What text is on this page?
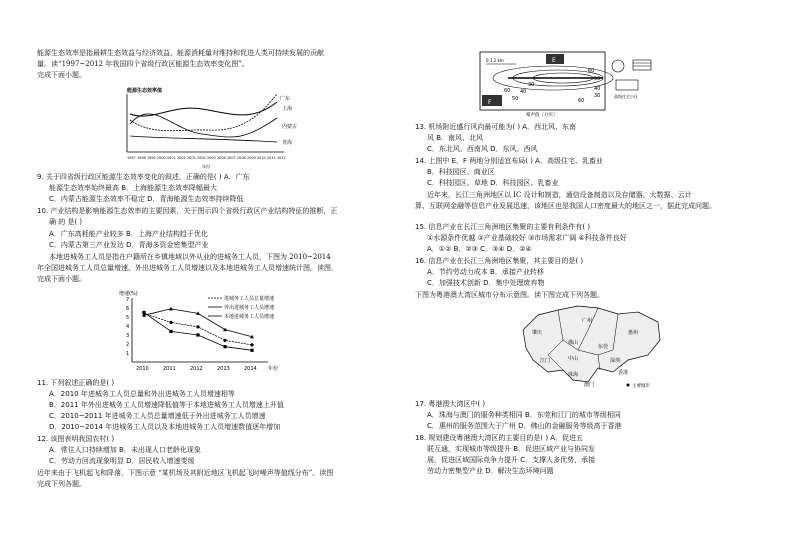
能源生态效率是指最耕生态效益与经济效益，能源消耗量对维持和促进人类可持续发展的贡献
量。读“1997~2012 年我国四个省级行政区能源生态效率变化图”。
完成下面小题。
能源生态效率值
广东
上海
内蒙古
青海
1997 1998 1999 2000 2001 2002 2003 2004 2005 2006 2007 2008 2009 2010 2011 2012
年份
9. 关于四省级行政区能源生态效率变化的叙述，正确的是( ) A．广东
能源生态效率始终最高 B．上海能源生态效率降幅最大
C．内蒙古能源生态效率不稳定 D．青海能源生态效率持续降低
10. 产业结构是影响能源生态效率的主要因素，关于图示四个省级行政区产业结构特征的推断，正
确 的 是( )
A．广东高耗能产业较多 B．上海产业结构趋于优化
C．内蒙古第三产业发达 D．青海多资金密集型产业
本地进城务工人员是指在户籍所在乡镇地域以外从业的进城务工人员，下图为 2010~2014
年全国进城务工人员总量增速、外出进城务工人员增速以及本地进城务工人员增速统计图。读图，
完成下面小题。
增速(%)
7
6
5
4
3
2
1
2010	2011	2012	2013	2014
进城务工人员总量增速
外出进城务工人员增速
本地进城务工人员增速
年份
11. 下列叙述正确的是( )
A．2010 年进城务工人员总量和外出进城务工人员增速相等
B．2011 年外出进城务工人员增速降低值等于本地进城务工人员增速上升值
C．2010~2011 年进城务工人员总量增速低于外出进城务工人员增速
D．2010~2014 年进城务工人员以及本地进城务工人员增速数值逐年增加
12. 该图表明我国农村( )
A．常住人口持续增加 B．未出现人口老龄化现象
C．劳动力回流现象明显 D．居民收入增速变缓
近年来由于飞机起飞和降落，下图示意 “某机场及其附近地区飞机起飞时噪声等值线分布”。读图
完成下列各题。
0 1 2 km	E
F
60
50
40
30
30
40
50
60
60
噪声值（分贝）
高级住宅小区
13. 机场附近盛行风向最可能为( ) A．西北风、东南
风 B．南风、北风
C．东北风、西南风 D．东风、西风
14. 上图中 E、F 两地分别适宜布局( ) A．高级住宅、乳畜业
B．科技园区、商业区
C．科技园区、草地 D．科技园区、乳畜业
近年来，长江三角洲地区以 IC 设计和制造，通信设备制造以及存储器、大数据、云计
算、互联网金融等信息产业发展迅速，该地区也是我国人口密度最大的地区之一，据此完成问题。
15. 信息产业在长江三角洲地区集聚的主要有利条件有( )
①水源条件优越 ②产业基础较好 ③市场需求广阔 ④科技条件良好
A．①② B．②③ C．③④ D．②④
16. 信息产业在长江三角洲地区集聚，其主要目的是( )
A．节约劳动力成本 B．承接产业转移
C．加强技术创新 D．集中处理废弃物
下图为粤港澳大湾区城市分布示意图。读下图完成下列各题。
肇庆
广州
惠州
佛山
东莞
深圳
江门	中山
珠海	香港
澳门	主要城市
17. 粤港澳大湾区中( )
A．珠海与澳门的服务种类相同 B．东莞和江门的城市等级相同
C．惠州的服务范围大于广州 D．佛山的金融服务等级高于香港
18. 规划建设粤港澳大湾区的主要目的是( ) A．促进五
联互通，实现城市等级提升 B．促进区域产业与协同发
展，促进区域国际竞争力提升 C．支撑人多优势，承接
劳动力密集型产业 D．解决生态环境问题
